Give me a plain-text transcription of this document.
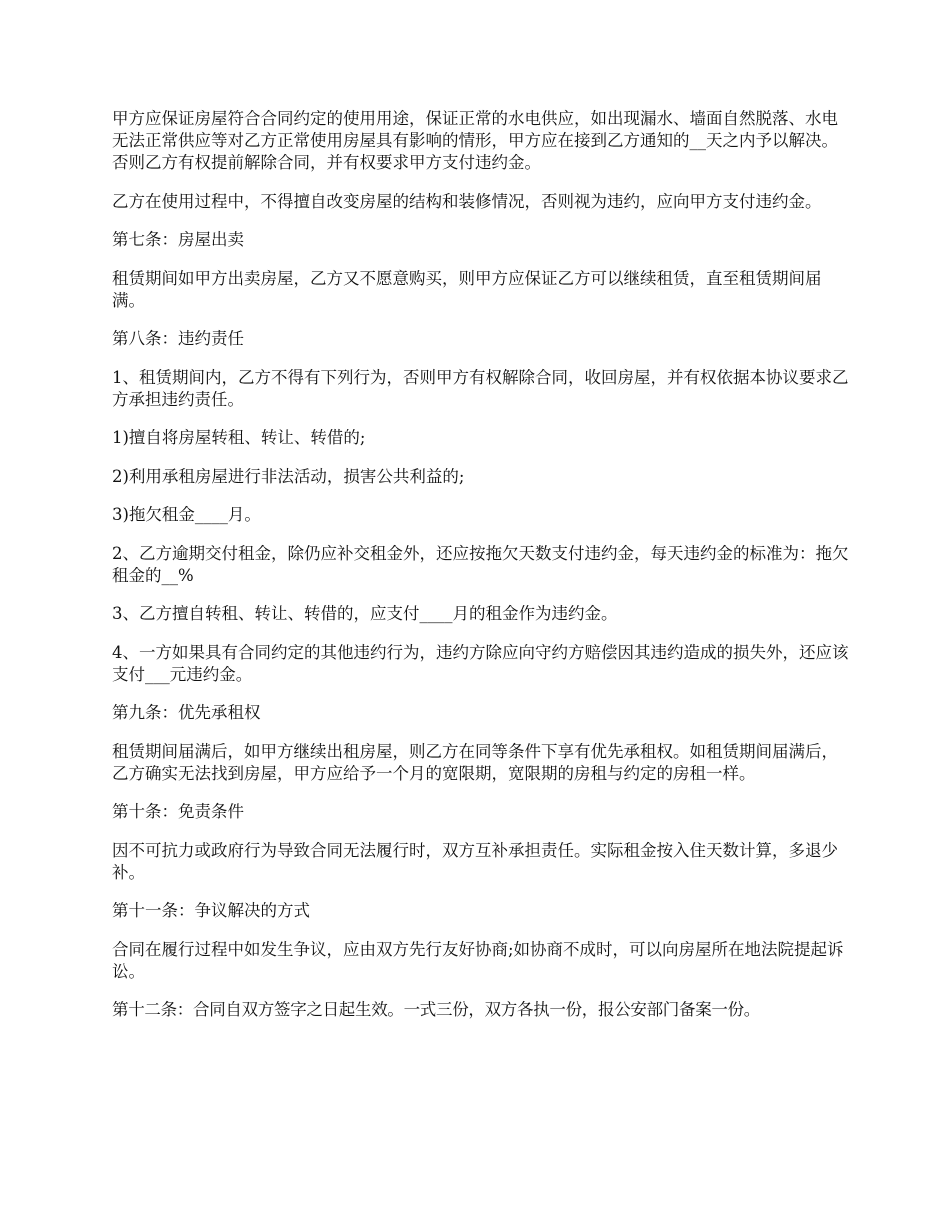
甲方应保证房屋符合合同约定的使用用途，保证正常的水电供应，如出现漏水、墙面自然脱落、水电无法正常供应等对乙方正常使用房屋具有影响的情形，甲方应在接到乙方通知的__天之内予以解决。否则乙方有权提前解除合同，并有权要求甲方支付违约金。

乙方在使用过程中，不得擅自改变房屋的结构和装修情况，否则视为违约，应向甲方支付违约金。

第七条：房屋出卖

租赁期间如甲方出卖房屋，乙方又不愿意购买，则甲方应保证乙方可以继续租赁，直至租赁期间届满。

第八条：违约责任

1、租赁期间内，乙方不得有下列行为，否则甲方有权解除合同，收回房屋，并有权依据本协议要求乙方承担违约责任。

1)擅自将房屋转租、转让、转借的;

2)利用承租房屋进行非法活动，损害公共利益的;

3)拖欠租金____月。

2、乙方逾期交付租金，除仍应补交租金外，还应按拖欠天数支付违约金，每天违约金的标准为：拖欠租金的__%

3、乙方擅自转租、转让、转借的，应支付____月的租金作为违约金。

4、一方如果具有合同约定的其他违约行为，违约方除应向守约方赔偿因其违约造成的损失外，还应该支付___元违约金。

第九条：优先承租权

租赁期间届满后，如甲方继续出租房屋，则乙方在同等条件下享有优先承租权。如租赁期间届满后，乙方确实无法找到房屋，甲方应给予一个月的宽限期，宽限期的房租与约定的房租一样。

第十条：免责条件

因不可抗力或政府行为导致合同无法履行时，双方互补承担责任。实际租金按入住天数计算，多退少补。

第十一条：争议解决的方式

合同在履行过程中如发生争议，应由双方先行友好协商;如协商不成时，可以向房屋所在地法院提起诉讼。

第十二条：合同自双方签字之日起生效。一式三份，双方各执一份，报公安部门备案一份。
